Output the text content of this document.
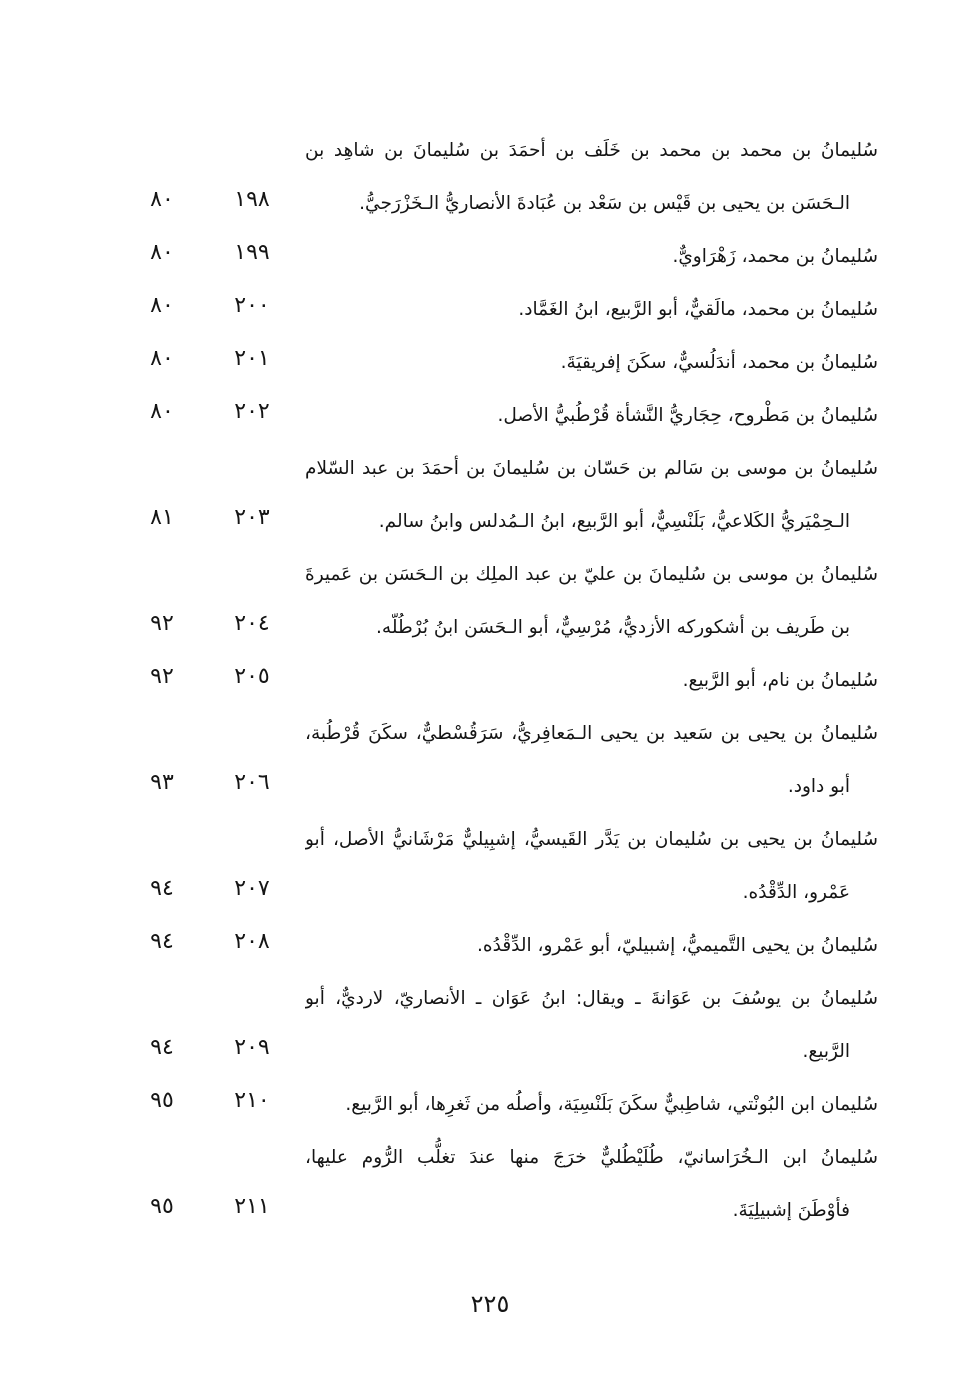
سُليمانُ بن محمد بن محمد بن خَلَف بن أحمَدَ بن سُليمانَ بن شاهِد بن
الـحَسَن بن يحيى بن قَيْس بن سَعْد بن عُبَادةَ الأنصاريُّ الـخَزْرَجيُّ.
١٩٨
٨٠
سُليمانُ بن محمد، زَهْرَاويٌّ.
١٩٩
٨٠
سُليمانُ بن محمد، مالَقيٌّ، أبو الرَّبيع، ابنُ الغَمَّاد.
٢٠٠
٨٠
سُليمانُ بن محمد، أندَلُسيٌّ، سكَنَ إفريقيَةَ.
٢٠١
٨٠
سُليمانُ بن مَطْروح، حِجَاريُّ النَّشأة قُرْطُبيُّ الأصل.
٢٠٢
٨٠
سُليمانُ بن موسى بن سَالم بن حَسّان بن سُليمانَ بن أحمَدَ بن عبد السّلام
الـحِمْيَريُّ الكَلاعيُّ، بَلَنْسِيٌّ، أبو الرَّبيع، ابنُ الـمُدلس وابنُ سالم.
٢٠٣
٨١
سُليمانُ بن موسى بن سُليمانَ بن عليّ بن عبد الملِك بن الـحَسَن بن عَميرةَ
بن طَريف بن أشكوركه الأزديُّ، مُرْسِيٌّ، أبو الـحَسَن ابنُ بُرْطُلّه.
٢٠٤
٩٢
سُليمانُ بن نام، أبو الرَّبيع.
٢٠٥
٩٢
سُليمانُ بن يحيى بن سَعيد بن يحيى الـمَعافِريُّ، سَرَقُسْطيٌّ، سكَنَ قُرْطُبة،
أبو داود.
٢٠٦
٩٣
سُليمانُ بن يحيى بن سُليمان بن يَدَّر القَيسيُّ، إشبِيليٌّ مَرْشَانيُّ الأصل، أبو
عَمْرو، الدِّقْدُه.
٢٠٧
٩٤
سُليمانُ بن يحيى التَّميميُّ، إشبيليّ، أبو عَمْرو، الدِّقْدُه.
٢٠٨
٩٤
سُليمانُ بن يوسُفَ بن عَوَانةَ ـ ويقال: ابنُ عَوَان ـ الأنصاريّ، لارديٌّ، أبو
الرَّبيع.
٢٠٩
٩٤
سُليمان ابن البُونْتي، شاطِبيٌّ سكَنَ بَلَنْسِيَة، وأصلُه من ثَغرِها، أبو الرَّبيع.
٢١٠
٩٥
سُليمانُ ابن الـخُرَاسانيّ، طُلَيْطُليٌّ خرَجَ منها عندَ تغلُّب الرُّوم عليها،
فأوْطَنَ إشبيلِيَةَ.
٢١١
٩٥
٢٢٥
